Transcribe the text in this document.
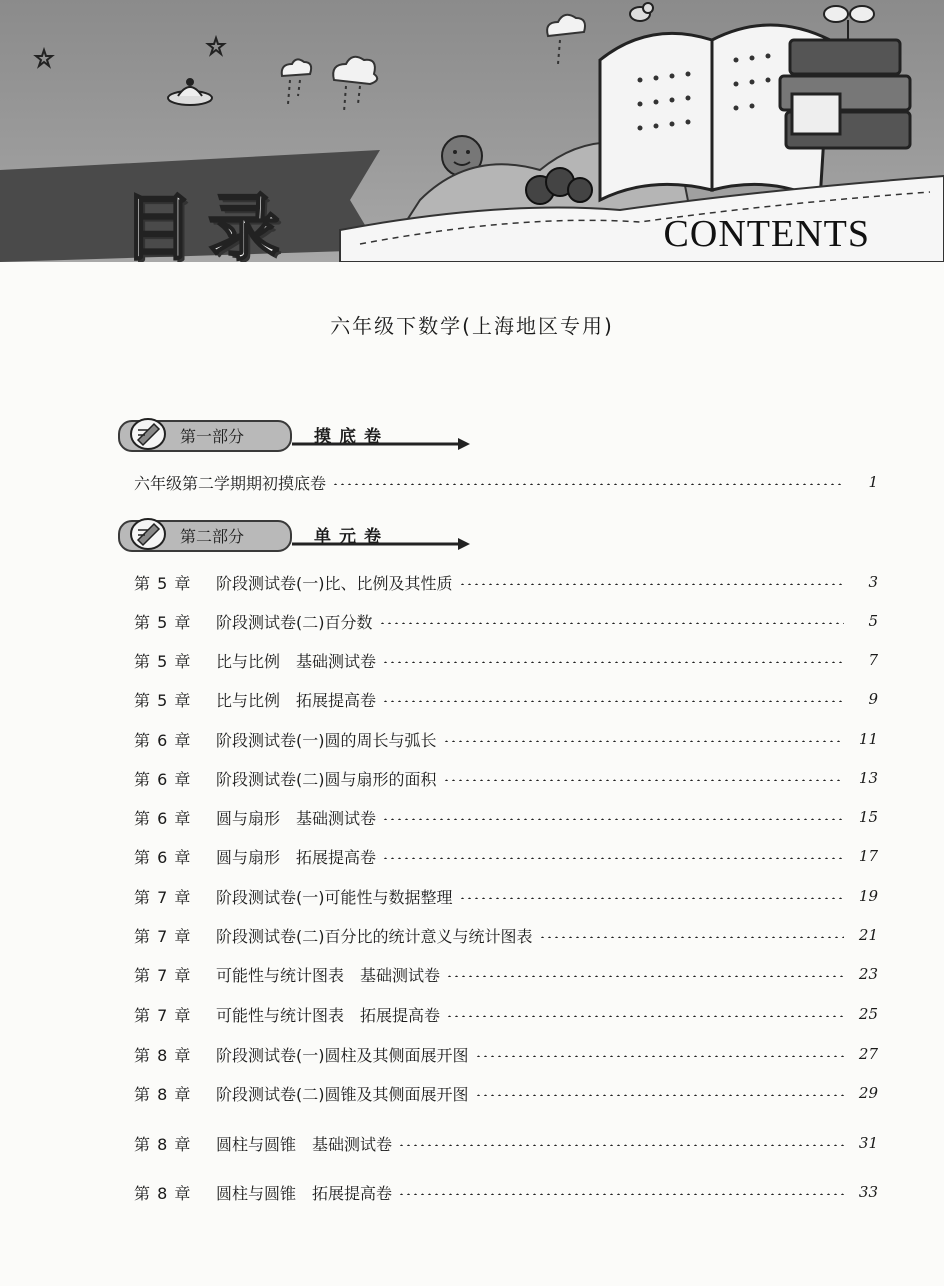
目录	CONTENTS
六年级下数学(上海地区专用)
第一部分	摸底卷
六年级第二学期期初摸底卷	1
第二部分	单元卷
第 5 章	阶段测试卷(一)比、比例及其性质	3
第 5 章	阶段测试卷(二)百分数	5
第 5 章	比与比例　基础测试卷	7
第 5 章	比与比例　拓展提高卷	9
第 6 章	阶段测试卷(一)圆的周长与弧长	11
第 6 章	阶段测试卷(二)圆与扇形的面积	13
第 6 章	圆与扇形　基础测试卷	15
第 6 章	圆与扇形　拓展提高卷	17
第 7 章	阶段测试卷(一)可能性与数据整理	19
第 7 章	阶段测试卷(二)百分比的统计意义与统计图表	21
第 7 章	可能性与统计图表　基础测试卷	23
第 7 章	可能性与统计图表　拓展提高卷	25
第 8 章	阶段测试卷(一)圆柱及其侧面展开图	27
第 8 章	阶段测试卷(二)圆锥及其侧面展开图	29
第 8 章	圆柱与圆锥　基础测试卷	31
第 8 章	圆柱与圆锥　拓展提高卷	33
